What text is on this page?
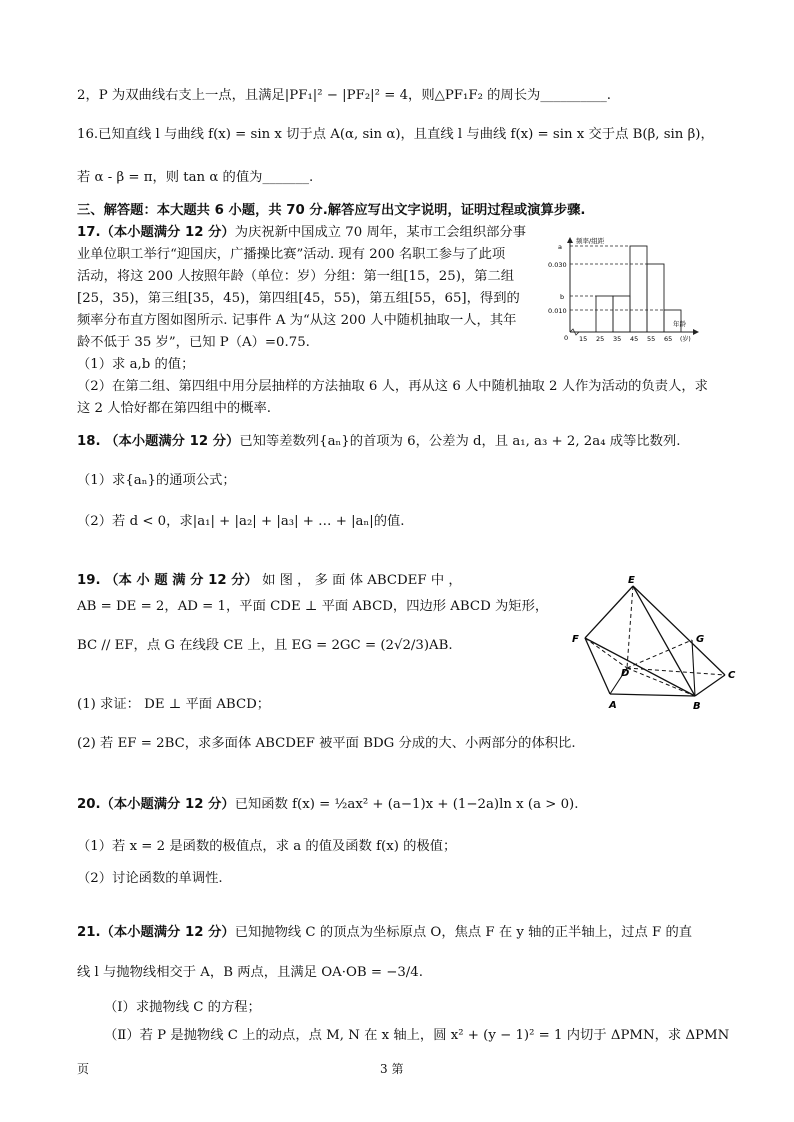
2，P 为双曲线右支上一点，且满足|PF₁|² − |PF₂|² = 4，则△PF₁F₂ 的周长为__________.
16.已知直线 l 与曲线 f(x) = sin x 切于点 A(α, sin α)，且直线 l 与曲线 f(x) = sin x 交于点 B(β, sin β)，
若 α - β = π，则 tan α 的值为_______.
三、解答题：本大题共 6 小题，共 70 分.解答应写出文字说明，证明过程或演算步骤.
17.（本小题满分 12 分）为庆祝新中国成立 70 周年，某市工会组织部分事
业单位职工举行“迎国庆，广播操比赛”活动. 现有 200 名职工参与了此项
活动，将这 200 人按照年龄（单位：岁）分组：第一组[15，25)，第二组
[25，35)，第三组[35，45)，第四组[45，55)，第五组[55，65]，得到的
频率分布直方图如图所示. 记事件 A 为“从这 200 人中随机抽取一人，其年
龄不低于 35 岁”，已知 P（A）=0.75.
（1）求 a,b 的值；
（2）在第二组、第四组中用分层抽样的方法抽取 6 人，再从这 6 人中随机抽取 2 人作为活动的负责人，求
这 2 人恰好都在第四组中的概率.
频率/组距
a
0.030
b
0.010
0 15 25 35 45 55 65
年龄
(岁)
18. （本小题满分 12 分）已知等差数列{aₙ}的首项为 6，公差为 d，且 a₁, a₃ + 2, 2a₄ 成等比数列.
（1）求{aₙ}的通项公式；
（2）若 d < 0，求|a₁| + |a₂| + |a₃| + … + |aₙ|的值.
19. （本 小 题 满 分 12 分） 如 图 ， 多 面 体 ABCDEF 中 ，
AB = DE = 2，AD = 1，平面 CDE ⊥ 平面 ABCD，四边形 ABCD 为矩形，
BC // EF，点 G 在线段 CE 上，且 EG = 2GC = (2√2/3)AB.
(1) 求证： DE ⊥ 平面 ABCD；
(2) 若 EF = 2BC，求多面体 ABCDEF 被平面 BDG 分成的大、小两部分的体积比.
E
F	G
D	C
A	B
20.（本小题满分 12 分）已知函数 f(x) = ½ax² + (a−1)x + (1−2a)ln x (a > 0).
（1）若 x = 2 是函数的极值点，求 a 的值及函数 f(x) 的极值；
（2）讨论函数的单调性.
21.（本小题满分 12 分）已知抛物线 C 的顶点为坐标原点 O，焦点 F 在 y 轴的正半轴上，过点 F 的直
线 l 与抛物线相交于 A，B 两点，且满足 OA·OB = −3/4.
（Ⅰ）求抛物线 C 的方程；
（Ⅱ）若 P 是抛物线 C 上的动点，点 M, N 在 x 轴上，圆 x² + (y − 1)² = 1 内切于 ΔPMN，求 ΔPMN
页	3 第
